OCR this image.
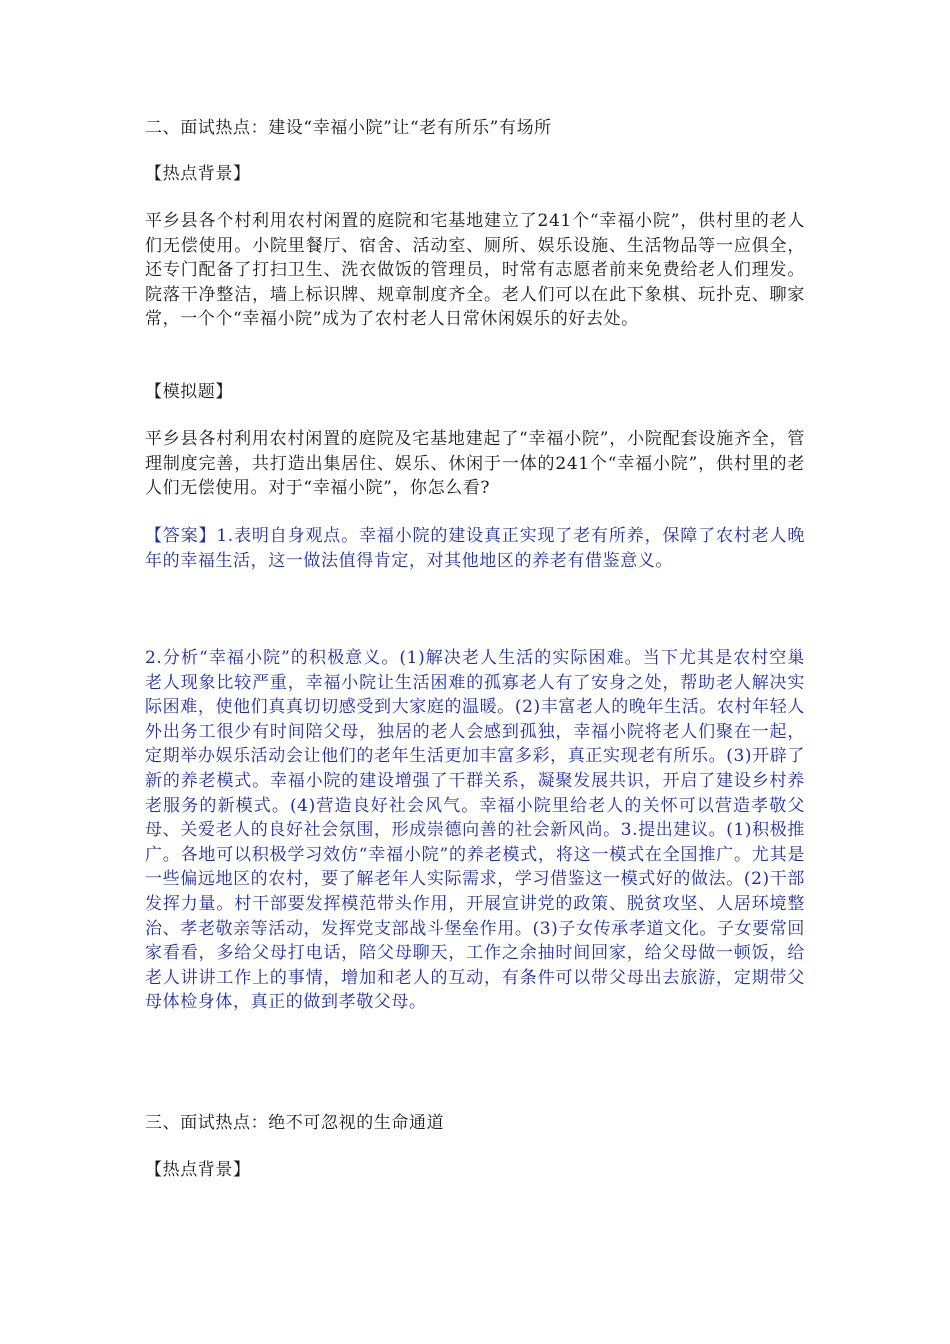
二、面试热点：建设“幸福小院”让“老有所乐”有场所

【热点背景】

平乡县各个村利用农村闲置的庭院和宅基地建立了241个“幸福小院”，供村里的老人们无偿使用。小院里餐厅、宿舍、活动室、厕所、娱乐设施、生活物品等一应俱全，还专门配备了打扫卫生、洗衣做饭的管理员，时常有志愿者前来免费给老人们理发。院落干净整洁，墙上标识牌、规章制度齐全。老人们可以在此下象棋、玩扑克、聊家常，一个个“幸福小院”成为了农村老人日常休闲娱乐的好去处。

【模拟题】

平乡县各村利用农村闲置的庭院及宅基地建起了“幸福小院”，小院配套设施齐全，管理制度完善，共打造出集居住、娱乐、休闲于一体的241个“幸福小院”，供村里的老人们无偿使用。对于“幸福小院”，你怎么看?

【答案】1.表明自身观点。幸福小院的建设真正实现了老有所养，保障了农村老人晚年的幸福生活，这一做法值得肯定，对其他地区的养老有借鉴意义。

2.分析“幸福小院”的积极意义。(1)解决老人生活的实际困难。当下尤其是农村空巢老人现象比较严重，幸福小院让生活困难的孤寡老人有了安身之处，帮助老人解决实际困难，使他们真真切切感受到大家庭的温暖。(2)丰富老人的晚年生活。农村年轻人外出务工很少有时间陪父母，独居的老人会感到孤独，幸福小院将老人们聚在一起，定期举办娱乐活动会让他们的老年生活更加丰富多彩，真正实现老有所乐。(3)开辟了新的养老模式。幸福小院的建设增强了干群关系，凝聚发展共识，开启了建设乡村养老服务的新模式。(4)营造良好社会风气。幸福小院里给老人的关怀可以营造孝敬父母、关爱老人的良好社会氛围，形成崇德向善的社会新风尚。3.提出建议。(1)积极推广。各地可以积极学习效仿“幸福小院”的养老模式，将这一模式在全国推广。尤其是一些偏远地区的农村，要了解老年人实际需求，学习借鉴这一模式好的做法。(2)干部发挥力量。村干部要发挥模范带头作用，开展宣讲党的政策、脱贫攻坚、人居环境整治、孝老敬亲等活动，发挥党支部战斗堡垒作用。(3)子女传承孝道文化。子女要常回家看看，多给父母打电话，陪父母聊天，工作之余抽时间回家，给父母做一顿饭，给老人讲讲工作上的事情，增加和老人的互动，有条件可以带父母出去旅游，定期带父母体检身体，真正的做到孝敬父母。

三、面试热点：绝不可忽视的生命通道

【热点背景】
